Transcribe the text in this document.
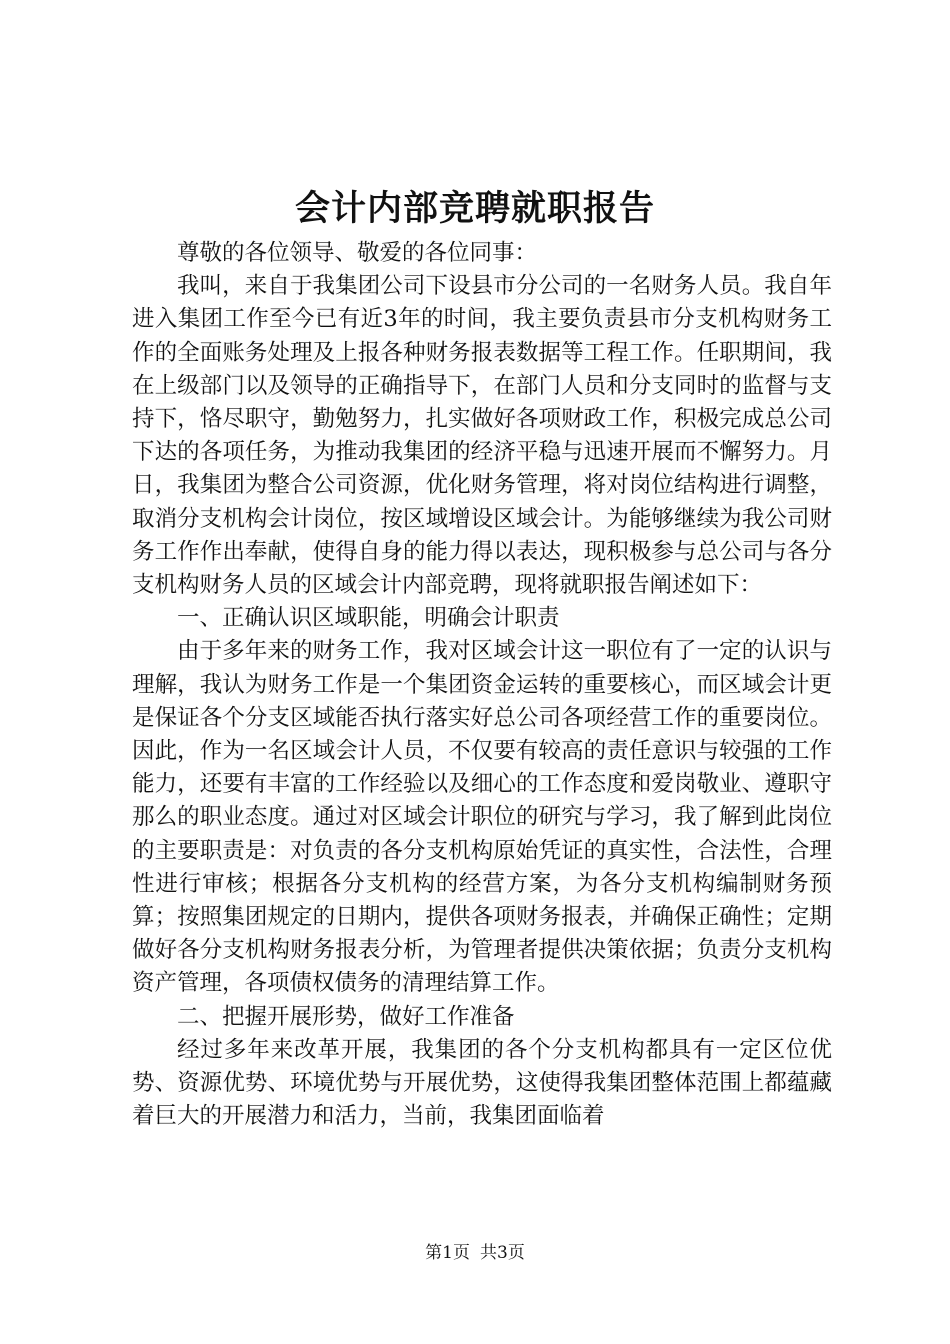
会计内部竞聘就职报告

尊敬的各位领导、敬爱的各位同事：

我叫，来自于我集团公司下设县市分公司的一名财务人员。我自年进入集团工作至今已有近3年的时间，我主要负责县市分支机构财务工作的全面账务处理及上报各种财务报表数据等工程工作。任职期间，我在上级部门以及领导的正确指导下，在部门人员和分支同时的监督与支持下，恪尽职守，勤勉努力，扎实做好各项财政工作，积极完成总公司下达的各项任务，为推动我集团的经济平稳与迅速开展而不懈努力。月日，我集团为整合公司资源，优化财务管理，将对岗位结构进行调整，取消分支机构会计岗位，按区域增设区域会计。为能够继续为我公司财务工作作出奉献，使得自身的能力得以表达，现积极参与总公司与各分支机构财务人员的区域会计内部竞聘，现将就职报告阐述如下：

一、正确认识区域职能，明确会计职责

由于多年来的财务工作，我对区域会计这一职位有了一定的认识与理解，我认为财务工作是一个集团资金运转的重要核心，而区域会计更是保证各个分支区域能否执行落实好总公司各项经营工作的重要岗位。因此，作为一名区域会计人员，不仅要有较高的责任意识与较强的工作能力，还要有丰富的工作经验以及细心的工作态度和爱岗敬业、遵职守那么的职业态度。通过对区域会计职位的研究与学习，我了解到此岗位的主要职责是：对负责的各分支机构原始凭证的真实性，合法性，合理性进行审核；根据各分支机构的经营方案，为各分支机构编制财务预算；按照集团规定的日期内，提供各项财务报表，并确保正确性；定期做好各分支机构财务报表分析，为管理者提供决策依据；负责分支机构资产管理，各项债权债务的清理结算工作。

二、把握开展形势，做好工作准备

经过多年来改革开展，我集团的各个分支机构都具有一定区位优势、资源优势、环境优势与开展优势，这使得我集团整体范围上都蕴藏着巨大的开展潜力和活力，当前，我集团面临着

第1页 共3页
